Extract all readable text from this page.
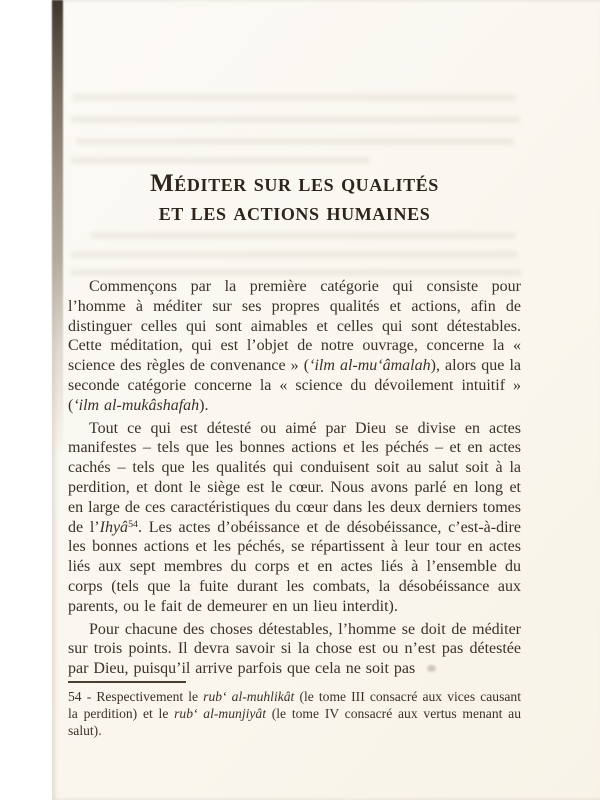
Méditer sur les qualités
et les actions humaines

Commençons par la première catégorie qui consiste pour l’homme à méditer sur ses propres qualités et actions, afin de distinguer celles qui sont aimables et celles qui sont détestables. Cette méditation, qui est l’objet de notre ouvrage, concerne la « science des règles de convenance » (‘ilm al-mu‘âmalah), alors que la seconde catégorie concerne la « science du dévoilement intuitif » (‘ilm al-mukâshafah).

Tout ce qui est détesté ou aimé par Dieu se divise en actes manifestes – tels que les bonnes actions et les péchés – et en actes cachés – tels que les qualités qui conduisent soit au salut soit à la perdition, et dont le siège est le cœur. Nous avons parlé en long et en large de ces caractéristiques du cœur dans les deux derniers tomes de l’Ihyâ$^{54}$. Les actes d’obéissance et de désobéissance, c’est-à-dire les bonnes actions et les péchés, se répartissent à leur tour en actes liés aux sept membres du corps et en actes liés à l’ensemble du corps (tels que la fuite durant les combats, la désobéissance aux parents, ou le fait de demeurer en un lieu interdit).

Pour chacune des choses détestables, l’homme se doit de méditer sur trois points. Il devra savoir si la chose est ou n’est pas détestée par Dieu, puisqu’il arrive parfois que cela ne soit pas

54 - Respectivement le rub‘ al-muhlikât (le tome III consacré aux vices causant la perdition) et le rub‘ al-munjiyât (le tome IV consacré aux vertus menant au salut).
